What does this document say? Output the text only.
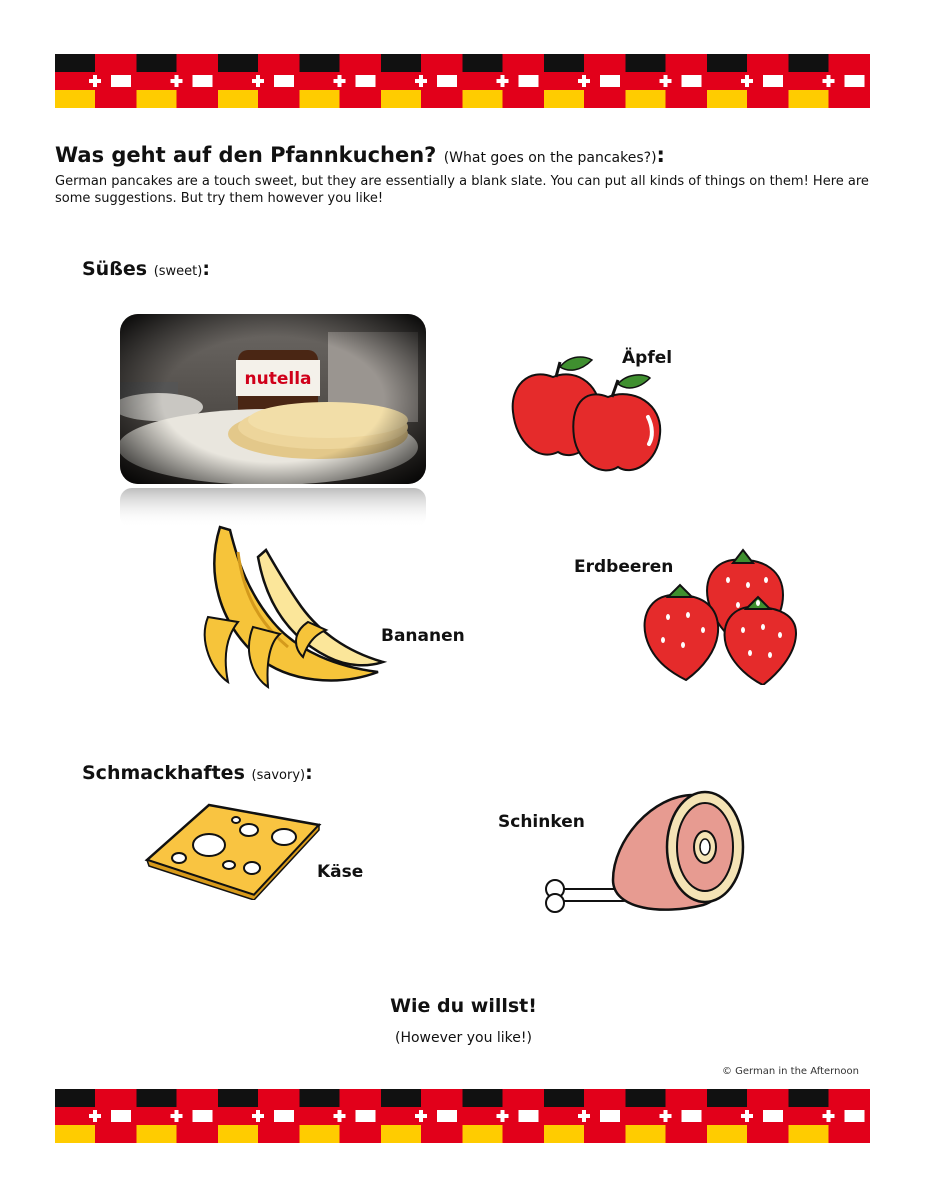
Was geht auf den Pfannkuchen? (What goes on the pancakes?):
German pancakes are a touch sweet, but they are essentially a blank slate. You can put all kinds of things on them! Here are some suggestions. But try them however you like!
Süßes (sweet):
Äpfel
Bananen
Erdbeeren
Schmackhaftes (savory):
Käse
Schinken
Wie du willst!
(However you like!)
© German in the Afternoon
